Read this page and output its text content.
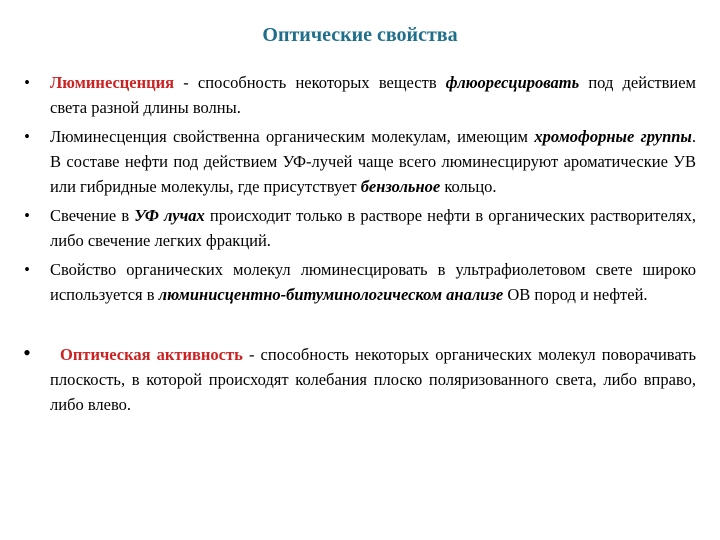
Оптические свойства
• Люминесценция - способность некоторых веществ флюоресцировать под действием света разной длины волны.
• Люминесценция свойственна органическим молекулам, имеющим хромофорные группы. В составе нефти под действием УФ-лучей чаще всего люминесцируют ароматические УВ или гибридные молекулы, где присутствует бензольное кольцо.
• Свечение в УФ лучах происходит только в растворе нефти в органических растворителях, либо свечение легких фракций.
• Свойство органических молекул люминесцировать в ультрафиолетовом свете широко используется в люминисцентно-битуминологическом анализе ОВ пород и нефтей.
• Оптическая активность - способность некоторых органических молекул поворачивать плоскость, в которой происходят колебания плоско поляризованного света, либо вправо, либо влево.
